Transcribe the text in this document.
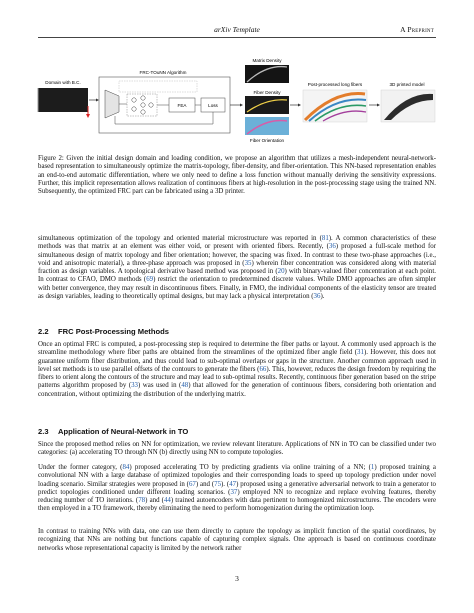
arXiv Template	A Preprint
Domain with B.C.
FRC-TOuNN Algorithm
FEA	Loss
Matrix Density
Fiber Density
Fiber Orientation
Post-processed long fibers	3D printed model
Figure 2: Given the initial design domain and loading condition, we propose an algorithm that utilizes a mesh-independent neural-network-based representation to simultaneously optimize the matrix-topology, fiber-density, and fiber-orientation. This NN-based representation enables an end-to-end automatic differentiation, where we only need to define a loss function without manually deriving the sensitivity expressions. Further, this implicit representation allows realization of continuous fibers at high-resolution in the post-processing stage using the trained NN. Subsequently, the optimized FRC part can be fabricated using a 3D printer.

simultaneous optimization of the topology and oriented material microstructure was reported in (81). A common characteristics of these methods was that matrix at an element was either void, or present with oriented fibers. Recently, (36) proposed a full-scale method for simultaneous design of matrix topology and fiber orientation; however, the spacing was fixed. In contrast to these two-phase approaches (i.e., void and anisotropic material), a three-phase approach was proposed in (35) wherein fiber concentration was considered along with material fraction as design variables. A topological derivative based method was proposed in (20) with binary-valued fiber concentration at each point. In contrast to CFAO, DMO methods (69) restrict the orientation to predetermined discrete values. While DMO approaches are often simpler with better convergence, they may result in discontinuous fibers. Finally, in FMO, the individual components of the elasticity tensor are treated as design variables, leading to theoretically optimal designs, but may lack a physical interpretation (36).

2.2 FRC Post-Processing Methods

Once an optimal FRC is computed, a post-processing step is required to determine the fiber paths or layout. A commonly used approach is the streamline methodology where fiber paths are obtained from the streamlines of the optimized fiber angle field (31). However, this does not guarantee uniform fiber distribution, and thus could lead to sub-optimal overlaps or gaps in the structure. Another common approach used in level set methods is to use parallel offsets of the contours to generate the fibers (66). This, however, reduces the design freedom by requiring the fibers to orient along the contours of the structure and may lead to sub-optimal results. Recently, continuous fiber generation based on the stripe patterns algorithm proposed by (33) was used in (48) that allowed for the generation of continuous fibers, considering both orientation and concentration, without optimizing the distribution of the underlying matrix.

2.3 Application of Neural-Network in TO

Since the proposed method relies on NN for optimization, we review relevant literature. Applications of NN in TO can be classified under two categories: (a) accelerating TO through NN (b) directly using NN to compute topologies.

Under the former category, (84) proposed accelerating TO by predicting gradients via online training of a NN; (1) proposed training a convolutional NN with a large database of optimized topologies and their corresponding loads to speed up topology prediction under novel loading scenario. Similar strategies were proposed in (67) and (75). (47) proposed using a generative adversarial network to train a generator to predict topologies conditioned under different loading scenarios. (37) employed NN to recognize and replace evolving features, thereby reducing number of TO iterations. (78) and (44) trained autoencoders with data pertinent to homogenized microstructures. The encoders were then employed in a TO framework, thereby eliminating the need to perform homogenization during the optimization loop.

In contrast to training NNs with data, one can use them directly to capture the topology as implicit function of the spatial coordinates, by recognizing that NNs are nothing but functions capable of capturing complex signals. One approach is based on continuous coordinate networks whose representational capacity is limited by the network rather

3
